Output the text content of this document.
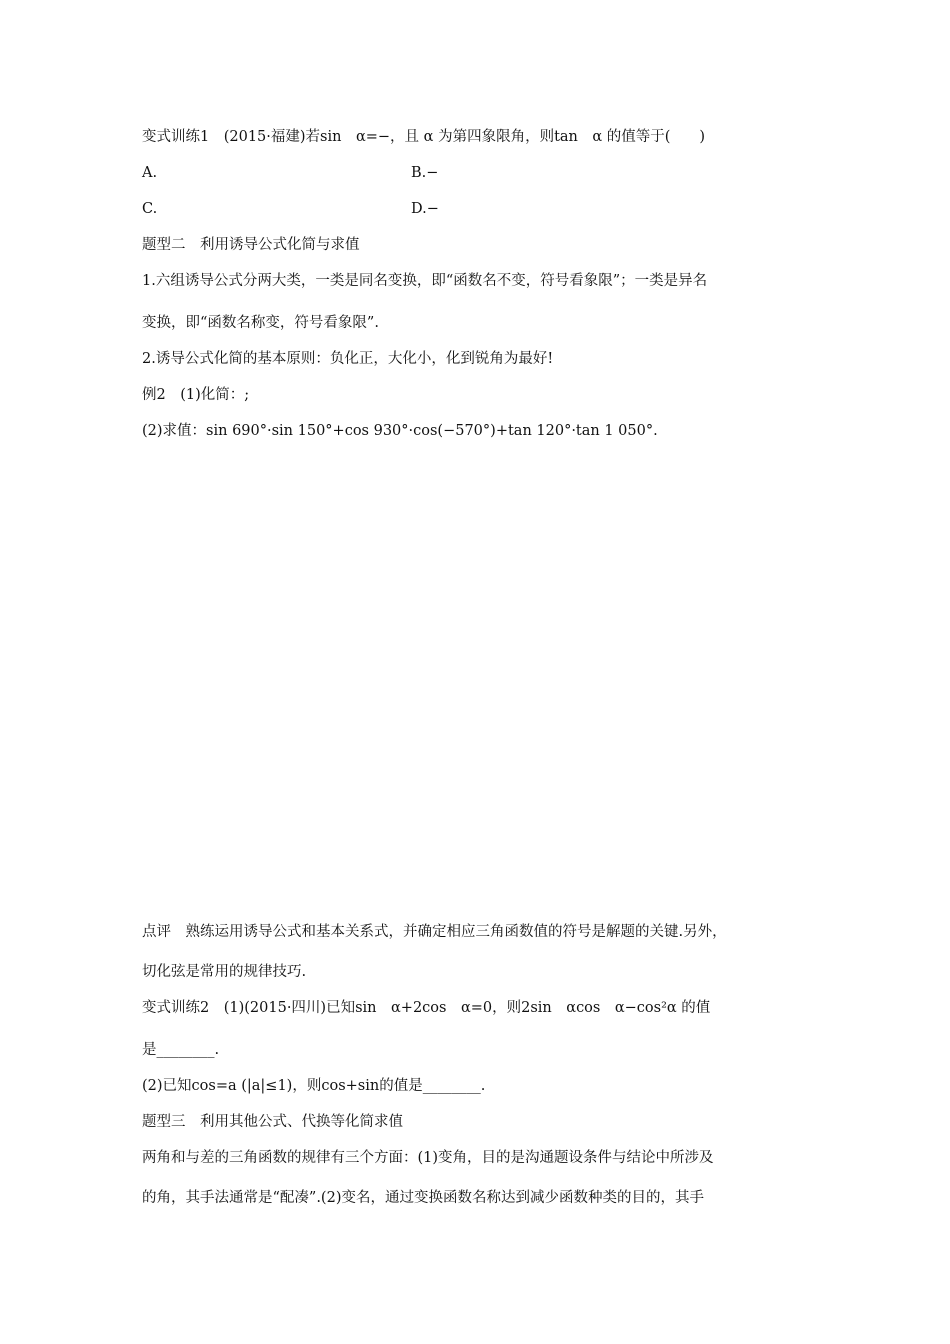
变式训练1　(2015·福建)若sin　α=−，且 α 为第四象限角，则tan　α 的值等于(　　)
A.	B.−
C.	D.−
题型二　利用诱导公式化简与求值
1.六组诱导公式分两大类，一类是同名变换，即“函数名不变，符号看象限”；一类是异名
变换，即“函数名称变，符号看象限”.
2.诱导公式化简的基本原则：负化正，大化小，化到锐角为最好!
例2　(1)化简：;
(2)求值：sin 690°·sin 150°+cos 930°·cos(−570°)+tan 120°·tan 1 050°.
点评　熟练运用诱导公式和基本关系式，并确定相应三角函数值的符号是解题的关键.另外，
切化弦是常用的规律技巧.
变式训练2　(1)(2015·四川)已知sin　α+2cos　α=0，则2sin　αcos　α−cos²α 的值
是________.
(2)已知cos=a (|a|≤1)，则cos+sin的值是________.
题型三　利用其他公式、代换等化简求值
两角和与差的三角函数的规律有三个方面：(1)变角，目的是沟通题设条件与结论中所涉及
的角，其手法通常是“配凑”.(2)变名，通过变换函数名称达到减少函数种类的目的，其手
